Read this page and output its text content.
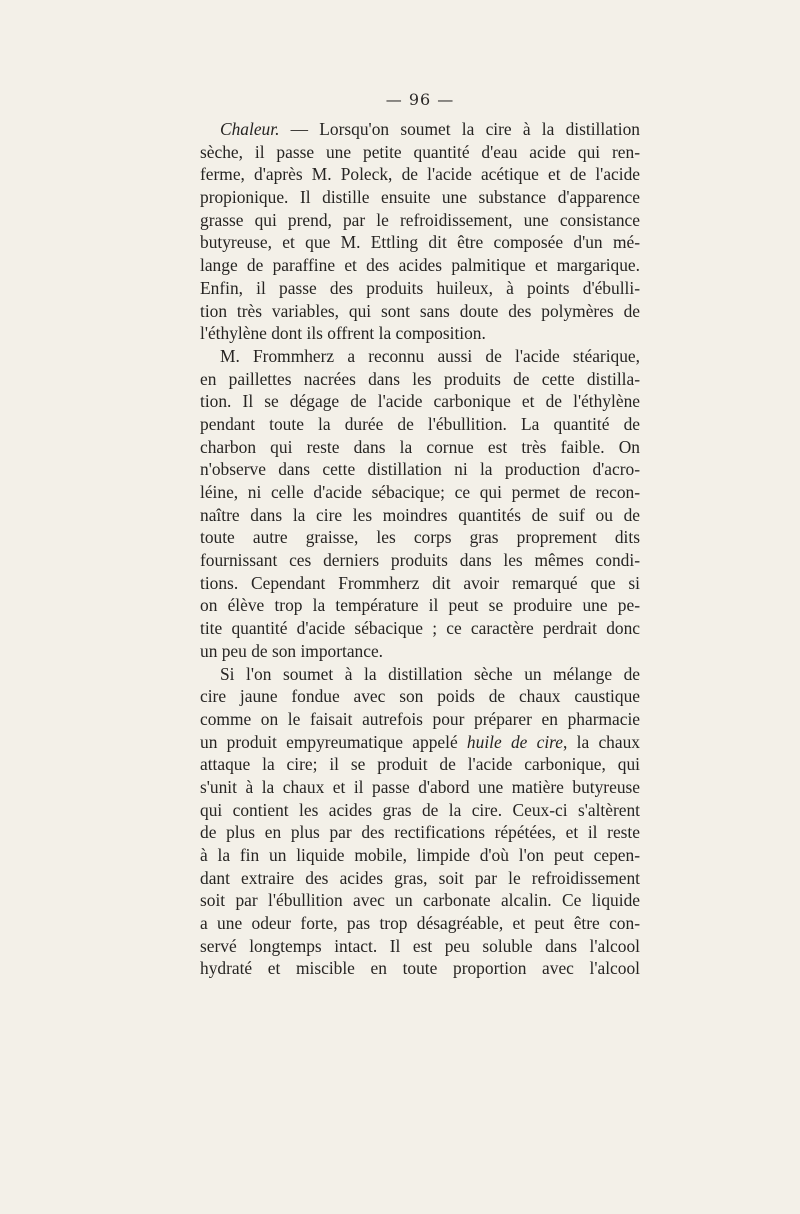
— 96 —
Chaleur. — Lorsqu'on soumet la cire à la distillation
sèche, il passe une petite quantité d'eau acide qui ren-
ferme, d'après M. Poleck, de l'acide acétique et de l'acide
propionique. Il distille ensuite une substance d'apparence
grasse qui prend, par le refroidissement, une consistance
butyreuse, et que M. Ettling dit être composée d'un mé-
lange de paraffine et des acides palmitique et margarique.
Enfin, il passe des produits huileux, à points d'ébulli-
tion très variables, qui sont sans doute des polymères de
l'éthylène dont ils offrent la composition.
M. Frommherz a reconnu aussi de l'acide stéarique,
en paillettes nacrées dans les produits de cette distilla-
tion. Il se dégage de l'acide carbonique et de l'éthylène
pendant toute la durée de l'ébullition. La quantité de
charbon qui reste dans la cornue est très faible. On
n'observe dans cette distillation ni la production d'acro-
léine, ni celle d'acide sébacique; ce qui permet de recon-
naître dans la cire les moindres quantités de suif ou de
toute autre graisse, les corps gras proprement dits
fournissant ces derniers produits dans les mêmes condi-
tions. Cependant Frommherz dit avoir remarqué que si
on élève trop la température il peut se produire une pe-
tite quantité d'acide sébacique ; ce caractère perdrait donc
un peu de son importance.
Si l'on soumet à la distillation sèche un mélange de
cire jaune fondue avec son poids de chaux caustique
comme on le faisait autrefois pour préparer en pharmacie
un produit empyreumatique appelé huile de cire, la chaux
attaque la cire; il se produit de l'acide carbonique, qui
s'unit à la chaux et il passe d'abord une matière butyreuse
qui contient les acides gras de la cire. Ceux-ci s'altèrent
de plus en plus par des rectifications répétées, et il reste
à la fin un liquide mobile, limpide d'où l'on peut cepen-
dant extraire des acides gras, soit par le refroidissement
soit par l'ébullition avec un carbonate alcalin. Ce liquide
a une odeur forte, pas trop désagréable, et peut être con-
servé longtemps intact. Il est peu soluble dans l'alcool
hydraté et miscible en toute proportion avec l'alcool
